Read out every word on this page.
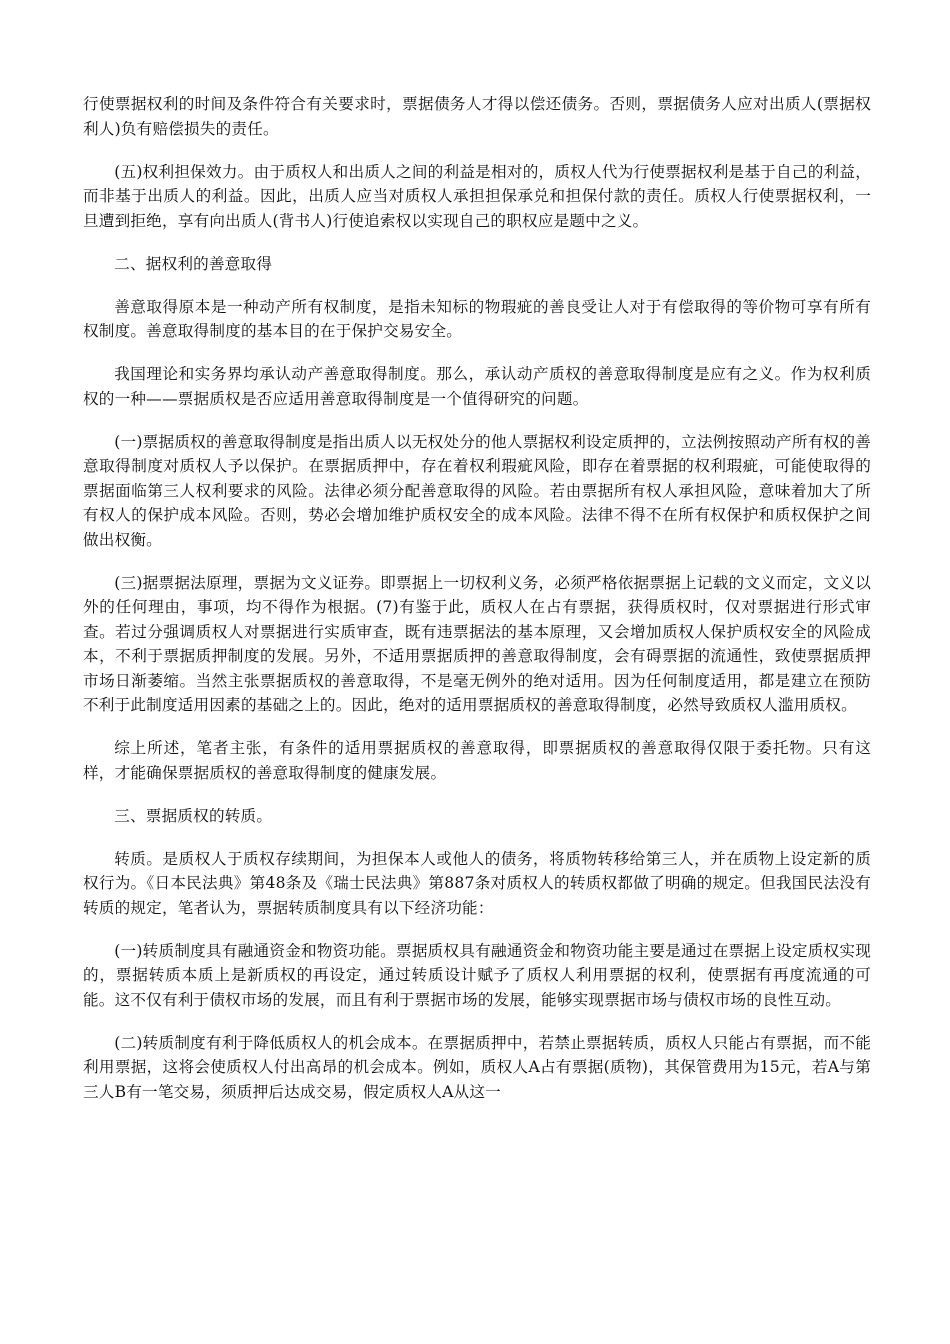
行使票据权利的时间及条件符合有关要求时，票据债务人才得以偿还债务。否则，票据债务人应对出质人(票据权利人)负有赔偿损失的责任。

(五)权利担保效力。由于质权人和出质人之间的利益是相对的，质权人代为行使票据权利是基于自己的利益，而非基于出质人的利益。因此，出质人应当对质权人承担担保承兑和担保付款的责任。质权人行使票据权利，一旦遭到拒绝，享有向出质人(背书人)行使追索权以实现自己的职权应是题中之义。

二、据权利的善意取得

善意取得原本是一种动产所有权制度，是指未知标的物瑕疵的善良受让人对于有偿取得的等价物可享有所有权制度。善意取得制度的基本目的在于保护交易安全。

我国理论和实务界均承认动产善意取得制度。那么，承认动产质权的善意取得制度是应有之义。作为权利质权的一种——票据质权是否应适用善意取得制度是一个值得研究的问题。

(一)票据质权的善意取得制度是指出质人以无权处分的他人票据权利设定质押的，立法例按照动产所有权的善意取得制度对质权人予以保护。在票据质押中，存在着权利瑕疵风险，即存在着票据的权利瑕疵，可能使取得的票据面临第三人权利要求的风险。法律必须分配善意取得的风险。若由票据所有权人承担风险，意味着加大了所有权人的保护成本风险。否则，势必会增加维护质权安全的成本风险。法律不得不在所有权保护和质权保护之间做出权衡。

(三)据票据法原理，票据为文义证券。即票据上一切权利义务，必须严格依据票据上记载的文义而定，文义以外的任何理由，事项，均不得作为根据。(7)有鉴于此，质权人在占有票据，获得质权时，仅对票据进行形式审查。若过分强调质权人对票据进行实质审查，既有违票据法的基本原理，又会增加质权人保护质权安全的风险成本，不利于票据质押制度的发展。另外，不适用票据质押的善意取得制度，会有碍票据的流通性，致使票据质押市场日渐萎缩。当然主张票据质权的善意取得，不是毫无例外的绝对适用。因为任何制度适用，都是建立在预防不利于此制度适用因素的基础之上的。因此，绝对的适用票据质权的善意取得制度，必然导致质权人滥用质权。

综上所述，笔者主张，有条件的适用票据质权的善意取得，即票据质权的善意取得仅限于委托物。只有这样，才能确保票据质权的善意取得制度的健康发展。

三、票据质权的转质。

转质。是质权人于质权存续期间，为担保本人或他人的债务，将质物转移给第三人，并在质物上设定新的质权行为。《日本民法典》第48条及《瑞士民法典》第887条对质权人的转质权都做了明确的规定。但我国民法没有转质的规定，笔者认为，票据转质制度具有以下经济功能：

(一)转质制度具有融通资金和物资功能。票据质权具有融通资金和物资功能主要是通过在票据上设定质权实现的，票据转质本质上是新质权的再设定，通过转质设计赋予了质权人利用票据的权利，使票据有再度流通的可能。这不仅有利于债权市场的发展，而且有利于票据市场的发展，能够实现票据市场与债权市场的良性互动。

(二)转质制度有利于降低质权人的机会成本。在票据质押中，若禁止票据转质，质权人只能占有票据，而不能利用票据，这将会使质权人付出高昂的机会成本。例如，质权人A占有票据(质物)，其保管费用为15元，若A与第三人B有一笔交易，须质押后达成交易，假定质权人A从这一
